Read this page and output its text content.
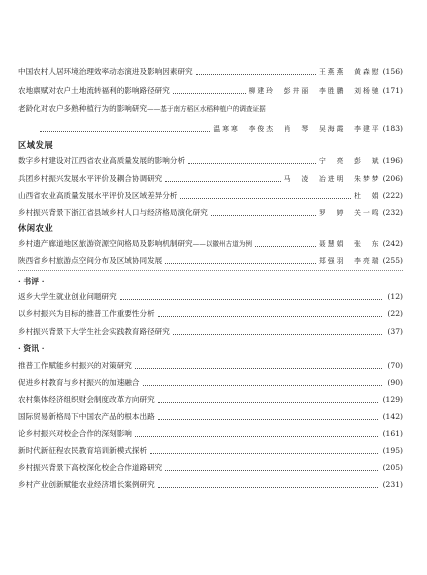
中国农村人居环境治理效率动态演进及影响因素研究	王燕燕　黄森慰 (156)
农地禀赋对农户土地流转福利的影响路径研究	柳建玲　彭井丽　李胜鹏　刘杨驰 (171)
老龄化对农户多熟种植行为的影响研究 ——基于南方稻区水稻种植户的调查证据
温寒寒　李俊杰　肖　琴　吴海霞　李建平 (183)
区域发展
数字乡村建设对江西省农业高质量发展的影响分析	宁　亮　彭　斌 (196)
兵团乡村振兴发展水平评价及耦合协调研究	马　凌　冶进明　朱梦梦 (206)
山西省农业高质量发展水平评价及区域差异分析	杜　娟 (222)
乡村振兴背景下浙江省县域乡村人口与经济格局演化研究	罗　婷　关一鸣 (232)
休闲农业
乡村遗产廊道地区旅游资源空间格局及影响机制研究 ——以徽州古道为例	聂慧娟　张　东 (242)
陕西省乡村旅游点空间分布及区域协同发展	郑强羽　李亮瑞 (255)
· 书评 ·
返乡大学生就业创业问题研究	(12)
以乡村振兴为目标的推普工作重要性分析	(22)
乡村振兴背景下大学生社会实践教育路径研究	(37)
· 资讯 ·
推普工作赋能乡村振兴的对策研究	(70)
促进乡村教育与乡村振兴的加速融合	(90)
农村集体经济组织财会制度改革方向研究	(129)
国际贸易新格局下中国农产品的根本出路	(142)
论乡村振兴对校企合作的深刻影响	(161)
新时代新征程农民教育培训新模式探析	(195)
乡村振兴背景下高校深化校企合作道路研究	(205)
乡村产业创新赋能农业经济增长案例研究	(231)
